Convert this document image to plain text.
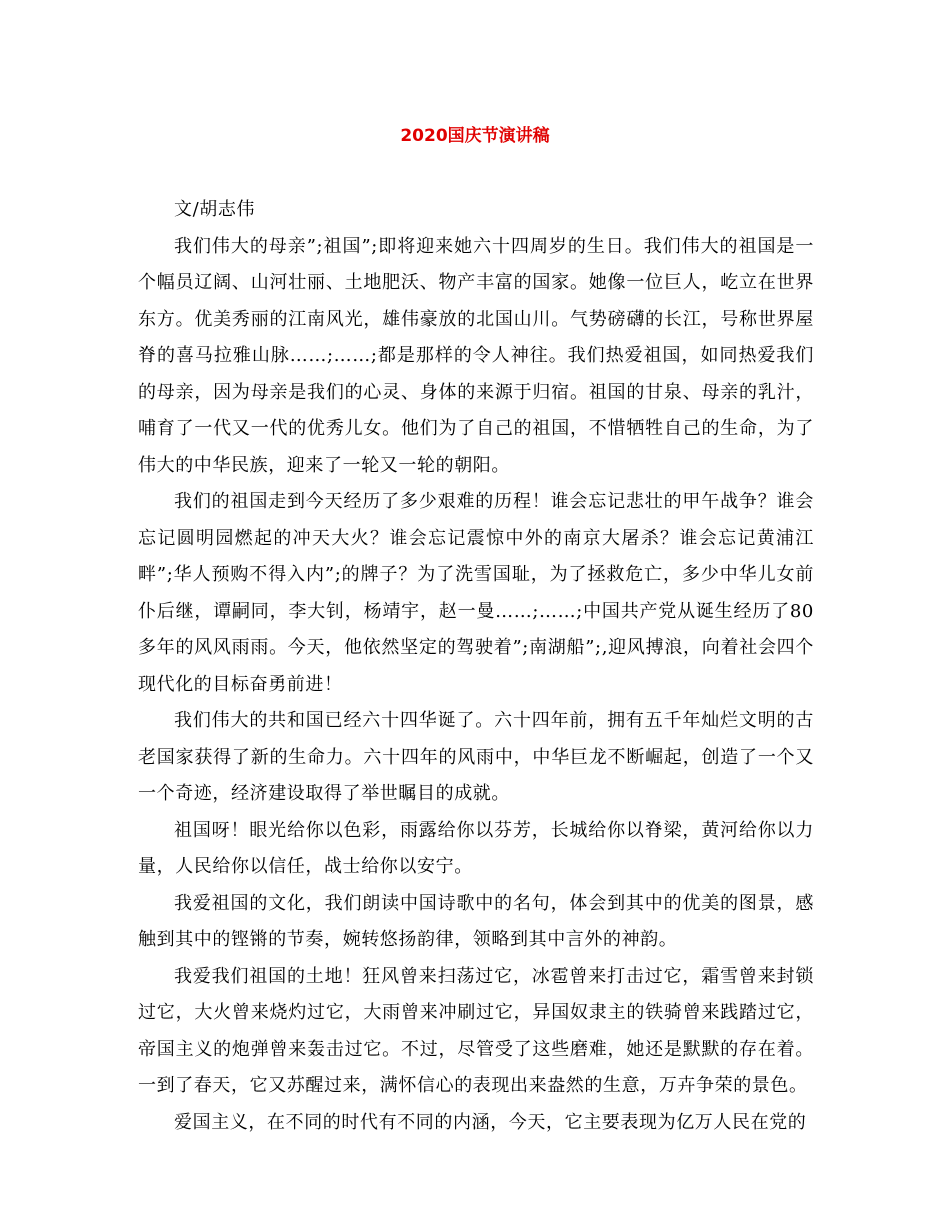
2020国庆节演讲稿

文/胡志伟

我们伟大的母亲”;祖国”;即将迎来她六十四周岁的生日。我们伟大的祖国是一个幅员辽阔、山河壮丽、土地肥沃、物产丰富的国家。她像一位巨人，屹立在世界东方。优美秀丽的江南风光，雄伟豪放的北国山川。气势磅礴的长江，号称世界屋脊的喜马拉雅山脉……;……;都是那样的令人神往。我们热爱祖国，如同热爱我们的母亲，因为母亲是我们的心灵、身体的来源于归宿。祖国的甘泉、母亲的乳汁，哺育了一代又一代的优秀儿女。他们为了自己的祖国，不惜牺牲自己的生命，为了伟大的中华民族，迎来了一轮又一轮的朝阳。

我们的祖国走到今天经历了多少艰难的历程！谁会忘记悲壮的甲午战争？谁会忘记圆明园燃起的冲天大火？谁会忘记震惊中外的南京大屠杀？谁会忘记黄浦江畔”;华人预购不得入内”;的牌子？为了洗雪国耻，为了拯救危亡，多少中华儿女前仆后继，谭嗣同，李大钊，杨靖宇，赵一曼……;……;中国共产党从诞生经历了80多年的风风雨雨。今天，他依然坚定的驾驶着”;南湖船”;,迎风搏浪，向着社会四个现代化的目标奋勇前进！

我们伟大的共和国已经六十四华诞了。六十四年前，拥有五千年灿烂文明的古老国家获得了新的生命力。六十四年的风雨中，中华巨龙不断崛起，创造了一个又一个奇迹，经济建设取得了举世瞩目的成就。

祖国呀！眼光给你以色彩，雨露给你以芬芳，长城给你以脊梁，黄河给你以力量，人民给你以信任，战士给你以安宁。

我爱祖国的文化，我们朗读中国诗歌中的名句，体会到其中的优美的图景，感触到其中的铿锵的节奏，婉转悠扬韵律，领略到其中言外的神韵。

我爱我们祖国的土地！狂风曾来扫荡过它，冰雹曾来打击过它，霜雪曾来封锁过它，大火曾来烧灼过它，大雨曾来冲刷过它，异国奴隶主的铁骑曾来践踏过它，帝国主义的炮弹曾来轰击过它。不过，尽管受了这些磨难，她还是默默的存在着。一到了春天，它又苏醒过来，满怀信心的表现出来盎然的生意，万卉争荣的景色。

爱国主义，在不同的时代有不同的内涵，今天，它主要表现为亿万人民在党的
